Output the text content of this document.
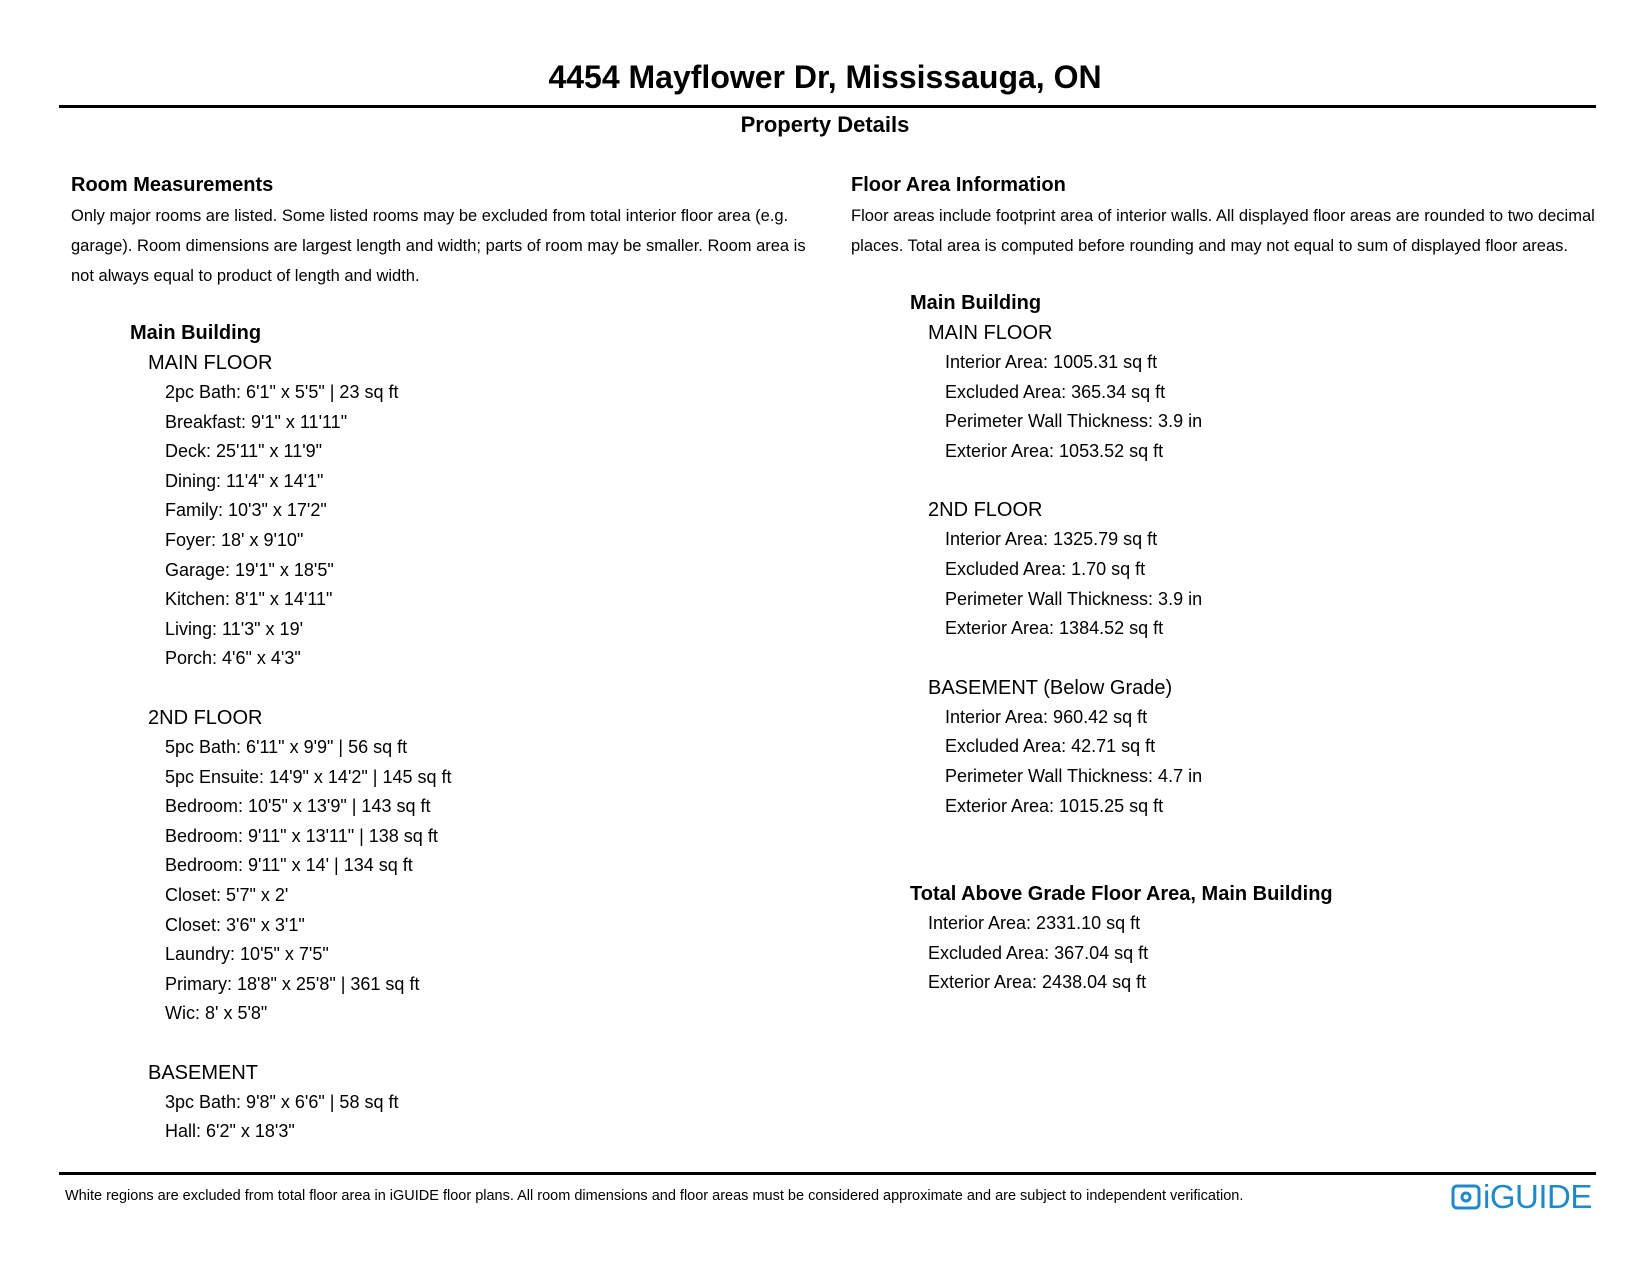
4454 Mayflower Dr, Mississauga, ON
Property Details
Room Measurements
Only major rooms are listed. Some listed rooms may be excluded from total interior floor area (e.g. garage). Room dimensions are largest length and width; parts of room may be smaller. Room area is not always equal to product of length and width.
Main Building
MAIN FLOOR
2pc Bath: 6'1" x 5'5" | 23 sq ft
Breakfast: 9'1" x 11'11"
Deck: 25'11" x 11'9"
Dining: 11'4" x 14'1"
Family: 10'3" x 17'2"
Foyer: 18' x 9'10"
Garage: 19'1" x 18'5"
Kitchen: 8'1" x 14'11"
Living: 11'3" x 19'
Porch: 4'6" x 4'3"
2ND FLOOR
5pc Bath: 6'11" x 9'9" | 56 sq ft
5pc Ensuite: 14'9" x 14'2" | 145 sq ft
Bedroom: 10'5" x 13'9" | 143 sq ft
Bedroom: 9'11" x 13'11" | 138 sq ft
Bedroom: 9'11" x 14' | 134 sq ft
Closet: 5'7" x 2'
Closet: 3'6" x 3'1"
Laundry: 10'5" x 7'5"
Primary: 18'8" x 25'8" | 361 sq ft
Wic: 8' x 5'8"
BASEMENT
3pc Bath: 9'8" x 6'6" | 58 sq ft
Hall: 6'2" x 18'3"
Floor Area Information
Floor areas include footprint area of interior walls. All displayed floor areas are rounded to two decimal places. Total area is computed before rounding and may not equal to sum of displayed floor areas.
Main Building
MAIN FLOOR
Interior Area: 1005.31 sq ft
Excluded Area: 365.34 sq ft
Perimeter Wall Thickness: 3.9 in
Exterior Area: 1053.52 sq ft
2ND FLOOR
Interior Area: 1325.79 sq ft
Excluded Area: 1.70 sq ft
Perimeter Wall Thickness: 3.9 in
Exterior Area: 1384.52 sq ft
BASEMENT (Below Grade)
Interior Area: 960.42 sq ft
Excluded Area: 42.71 sq ft
Perimeter Wall Thickness: 4.7 in
Exterior Area: 1015.25 sq ft
Total Above Grade Floor Area, Main Building
Interior Area: 2331.10 sq ft
Excluded Area: 367.04 sq ft
Exterior Area: 2438.04 sq ft
White regions are excluded from total floor area in iGUIDE floor plans. All room dimensions and floor areas must be considered approximate and are subject to independent verification.	iGUIDE
